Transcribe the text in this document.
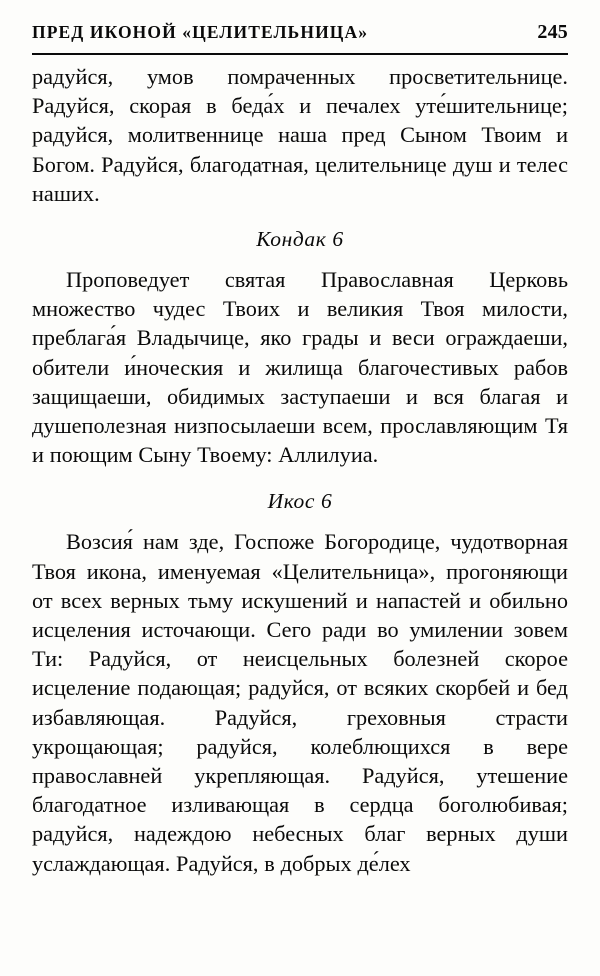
ПРЕД ИКОНОЙ «ЦЕЛИТЕЛЬНИЦА»	245

радуйся, умов помраченных просветительнице. Радуйся, скорая в беда́х и печалех уте́шительнице; радуйся, молитвеннице наша пред Сыном Твоим и Богом. Радуйся, благодатная, целительнице душ и телес наших.

Кондак 6

Проповедует святая Православная Церковь множество чудес Твоих и великия Твоя милости, преблага́я Владычице, яко грады и веси ограждаеши, обители и́ноческия и жилища благочестивых рабов защищаеши, обидимых заступаеши и вся благая и душеполезная низпосылаеши всем, прославляющим Тя и поющим Сыну Твоему: Аллилуиа.

Икос 6

Возсия́ нам зде, Госпоже Богородице, чудотворная Твоя икона, именуемая «Целительница», прогоняющи от всех верных тьму искушений и напастей и обильно исцеления источающи. Сего ради во умилении зовем Ти: Радуйся, от неисцельных болезней скорое исцеление подающая; радуйся, от всяких скорбей и бед избавляющая. Радуйся, греховныя страсти укрощающая; радуйся, колеблющихся в вере православней укрепляющая. Радуйся, утешение благодатное изливающая в сердца боголюбивая; радуйся, надеждою небесных благ верных души услаждающая. Радуйся, в добрых де́лех
